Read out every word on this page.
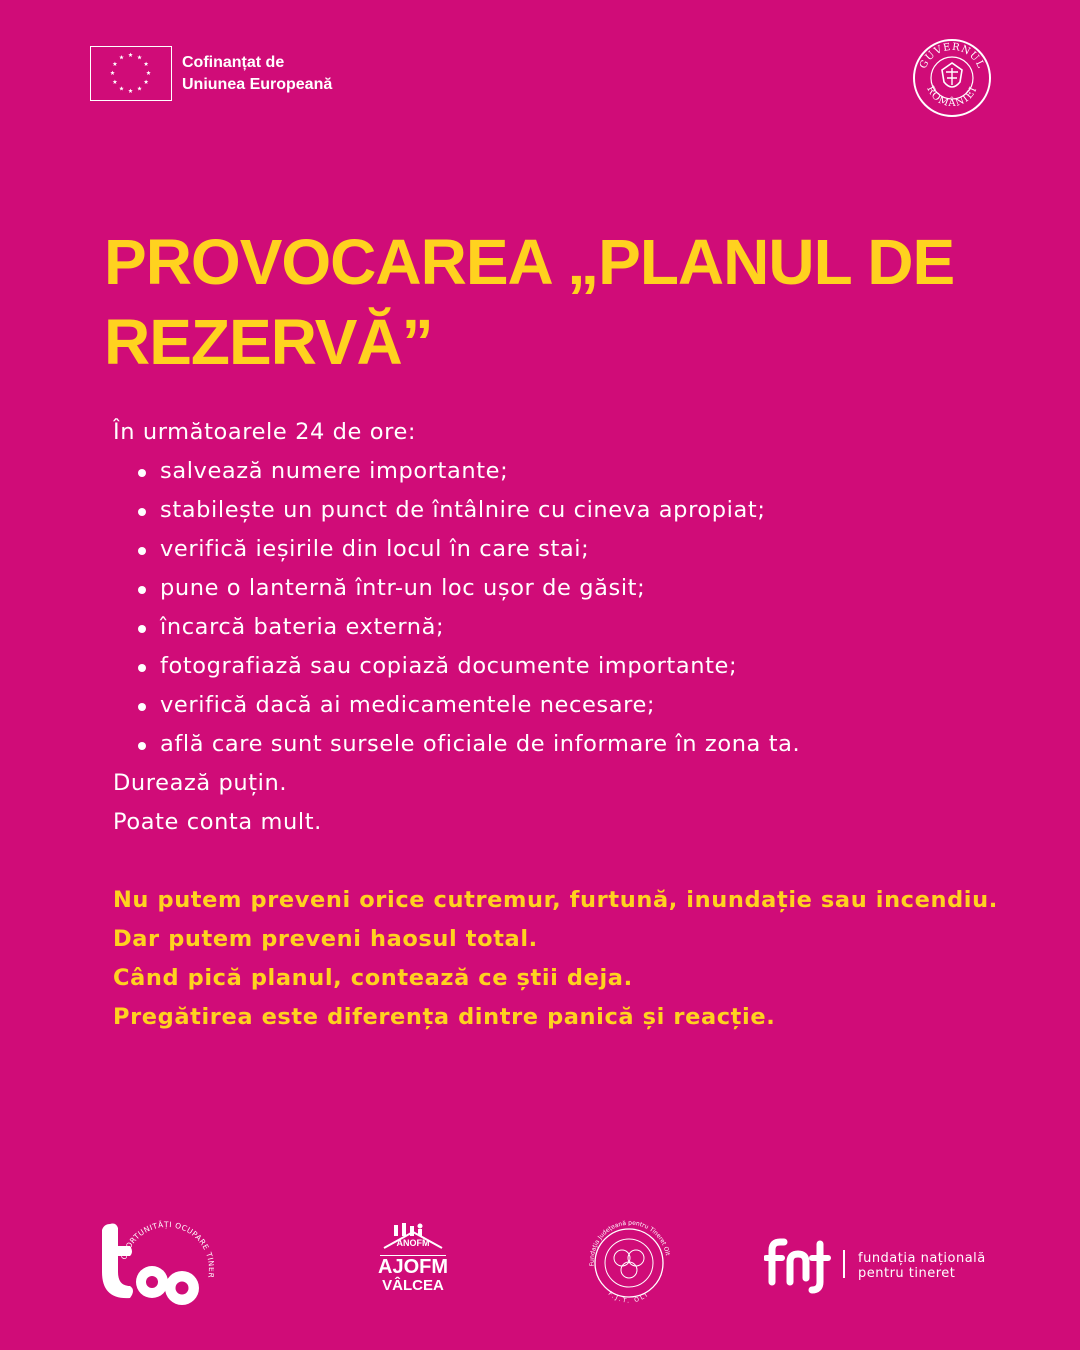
Cofinanțat de
Uniunea Europeană
GUVERNUL
ROMÂNIEI
PROVOCAREA „PLANUL DE
REZERVĂ”

În următoarele 24 de ore:

salvează numere importante;
stabilește un punct de întâlnire cu cineva apropiat;
verifică ieșirile din locul în care stai;
pune o lanternă într-un loc ușor de găsit;
încarcă bateria externă;
fotografiază sau copiază documente importante;
verifică dacă ai medicamentele necesare;
află care sunt sursele oficiale de informare în zona ta.

Durează puțin.

Poate conta mult.

Nu putem preveni orice cutremur, furtună, inundație sau incendiu.

Dar putem preveni haosul total.

Când pică planul, contează ce știi deja.

Pregătirea este diferența dintre panică și reacție.

OPORTUNITĂȚI OCUPARE T
ANOFM
AJOFM
VÂLCEA
Fundația Județeană pentru Tineret Olt
F.J.T. OLT
fundația națională
pentru tineret
